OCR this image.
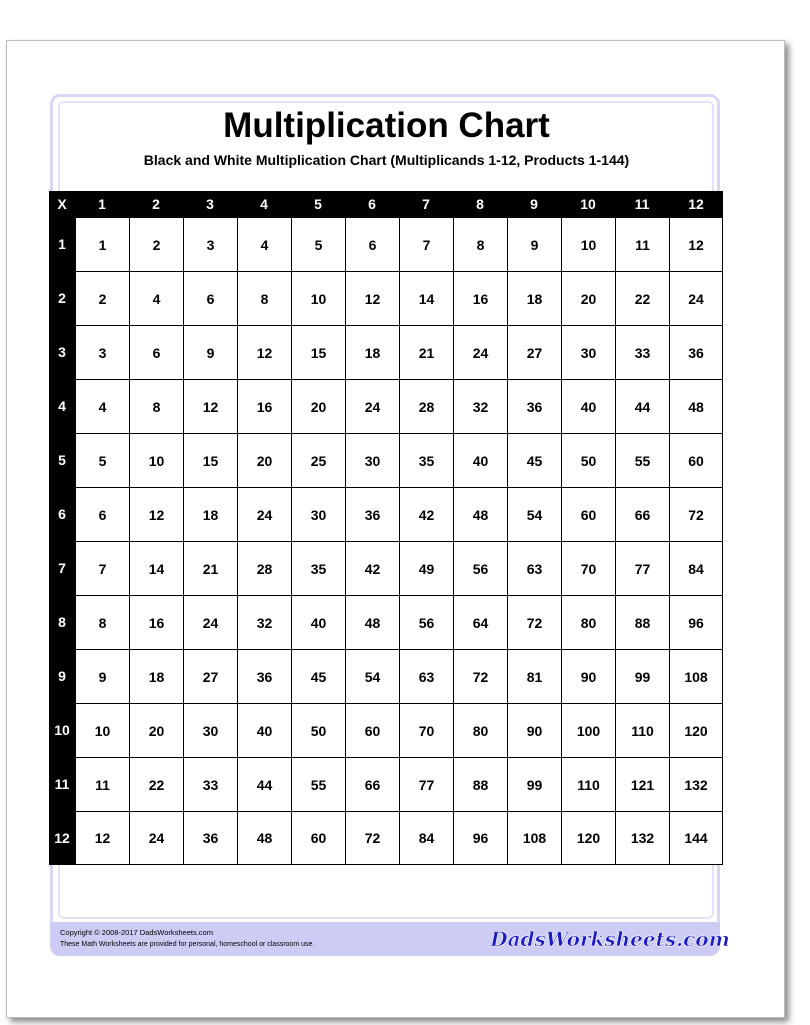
Multiplication Chart

Black and White Multiplication Chart (Multiplicands 1-12, Products 1-144)

X	1	2	3	4	5	6	7	8	9	10	11	12
1	1	2	3	4	5	6	7	8	9	10	11	12
2	2	4	6	8	10	12	14	16	18	20	22	24
3	3	6	9	12	15	18	21	24	27	30	33	36
4	4	8	12	16	20	24	28	32	36	40	44	48
5	5	10	15	20	25	30	35	40	45	50	55	60
6	6	12	18	24	30	36	42	48	54	60	66	72
7	7	14	21	28	35	42	49	56	63	70	77	84
8	8	16	24	32	40	48	56	64	72	80	88	96
9	9	18	27	36	45	54	63	72	81	90	99	108
10	10	20	30	40	50	60	70	80	90	100	110	120
11	11	22	33	44	55	66	77	88	99	110	121	132
12	12	24	36	48	60	72	84	96	108	120	132	144

Copyright © 2008-2017 DadsWorksheets.com

These Math Worksheets are provided for personal, homeschool or classroom use.	DadsWorksheets.com
